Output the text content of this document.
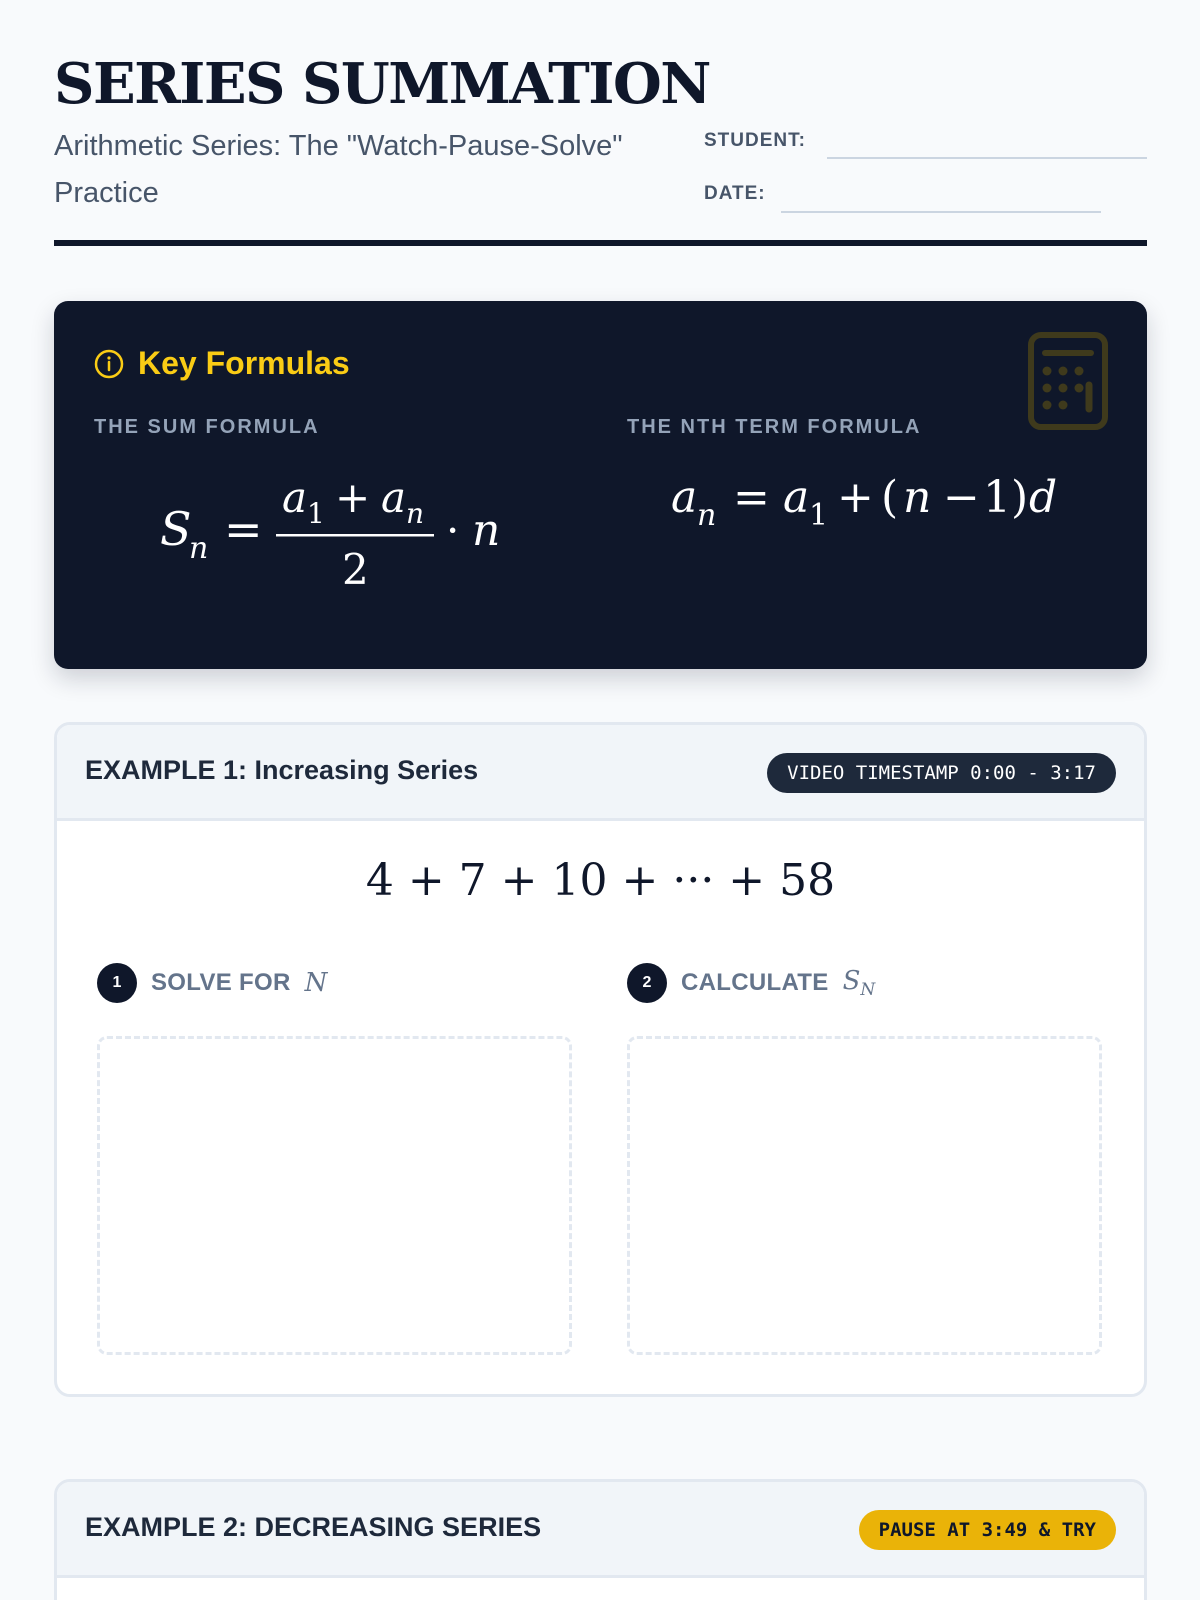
SERIES SUMMATION

Arithmetic Series: The "Watch-Pause-Solve" Practice

STUDENT:
DATE:
Key Formulas
THE SUM FORMULA	THE NTH TERM FORMULA
S
n =
a 1 + a n
2
· n
a n = a 1 + ( n − 1) d
EXAMPLE 1: Increasing Series	VIDEO TIMESTAMP 0:00 - 3:17
4 + 7 + 10 + ··· + 58
1	SOLVE FOR N	2	CALCULATE $S_N$
EXAMPLE 2: DECREASING SERIES	PAUSE AT 3:49 & TRY
